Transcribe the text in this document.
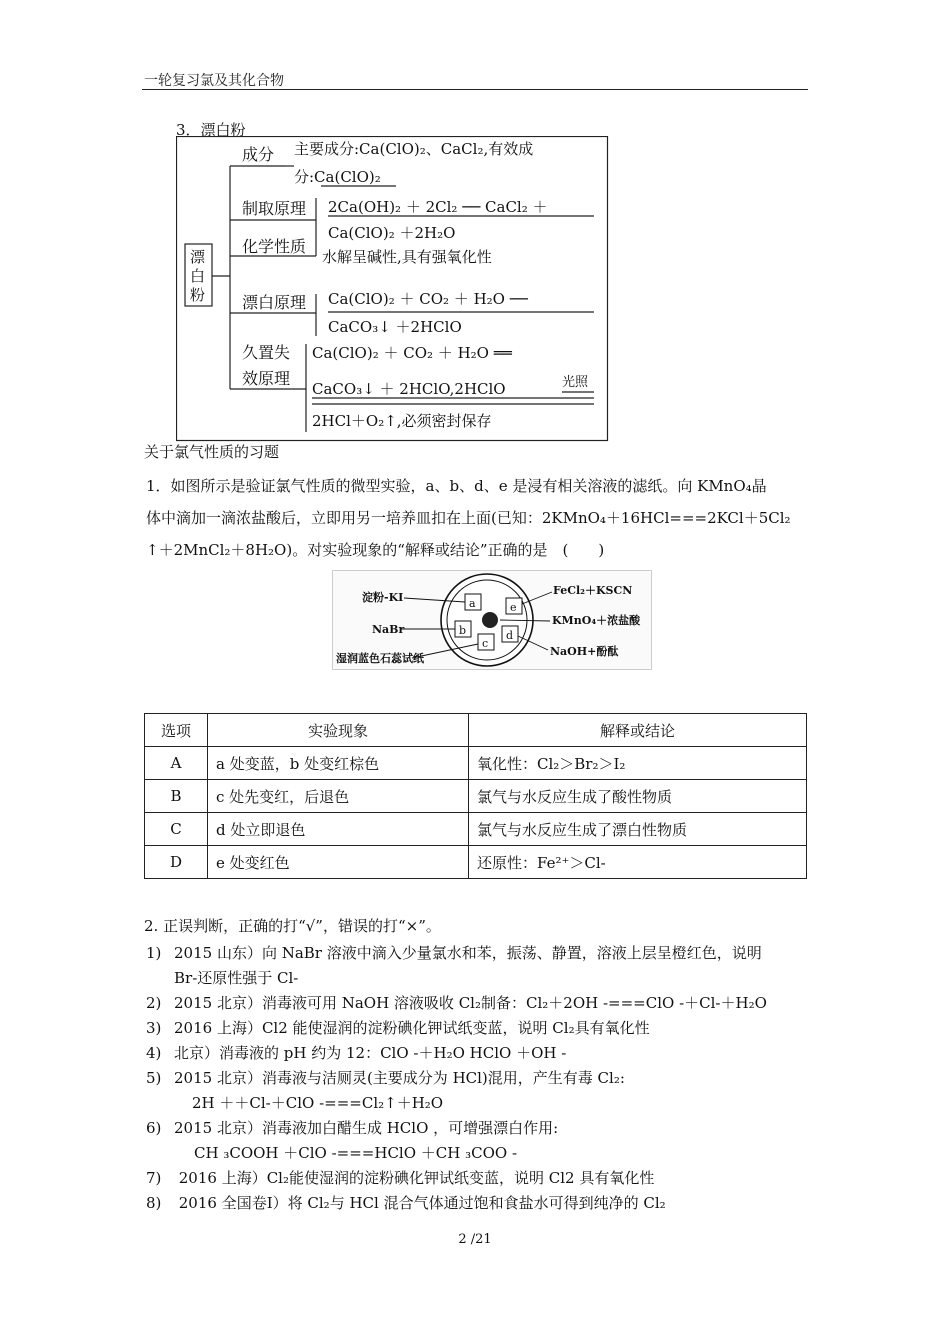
一轮复习氯及其化合物
3．漂白粉
漂
白
粉
成分 主要成分:Ca(ClO)₂、CaCl₂,有效成
分:Ca(ClO)₂
制取原理 2Ca(OH)₂ ＋ 2Cl₂ ── CaCl₂ ＋
Ca(ClO)₂ ＋2H₂O
化学性质
水解呈碱性,具有强氧化性
漂白原理 Ca(ClO)₂ ＋ CO₂ ＋ H₂O ──
CaCO₃↓ ＋2HClO
久置失
效原理
Ca(ClO)₂ ＋ CO₂ ＋ H₂O ══
CaCO₃↓ ＋ 2HClO,2HClO	光照
2HCl＋O₂↑,必须密封保存
关于氯气性质的习题
1．如图所示是验证氯气性质的微型实验，a、b、d、e 是浸有相关溶液的滤纸。向 KMnO₄晶
体中滴加一滴浓盐酸后，立即用另一培养皿扣在上面(已知：2KMnO₄＋16HCl===2KCl＋5Cl₂
↑＋2MnCl₂＋8H₂O)。对实验现象的“解释或结论”正确的是　(　　)
a
b
c
d
e
淀粉-KI
NaBr
湿润蓝色石蕊试纸
FeCl₂＋KSCN
KMnO₄＋浓盐酸
NaOH+酚酞
选项	实验现象	解释或结论
A	a 处变蓝，b 处变红棕色	氧化性：Cl₂＞Br₂＞I₂
B	c 处先变红，后退色	氯气与水反应生成了酸性物质
C	d 处立即退色	氯气与水反应生成了漂白性物质
D	e 处变红色	还原性：Fe²⁺＞Cl-
2. 正误判断，正确的打“√”，错误的打“×”。
1) 2015 山东）向 NaBr 溶液中滴入少量氯水和苯，振荡、静置，溶液上层呈橙红色，说明
Br-还原性强于 Cl-
2) 2015 北京）消毒液可用 NaOH 溶液吸收 Cl₂制备：Cl₂＋2OH -===ClO -＋Cl-＋H₂O
3) 2016 上海）Cl2 能使湿润的淀粉碘化钾试纸变蓝，说明 Cl₂具有氧化性
4) 北京）消毒液的 pH 约为 12：ClO -＋H₂O HClO ＋OH -
5) 2015 北京）消毒液与洁厕灵(主要成分为 HCl)混用，产生有毒 Cl₂:
2H ＋＋Cl-＋ClO -===Cl₂↑＋H₂O
6) 2015 北京）消毒液加白醋生成 HClO ，可增强漂白作用:
CH ₃COOH ＋ClO -===HClO ＋CH ₃COO -
7) 2016 上海）Cl₂能使湿润的淀粉碘化钾试纸变蓝，说明 Cl2 具有氧化性
8) 2016 全国卷Ⅰ）将 Cl₂与 HCl 混合气体通过饱和食盐水可得到纯净的 Cl₂
2 /21
